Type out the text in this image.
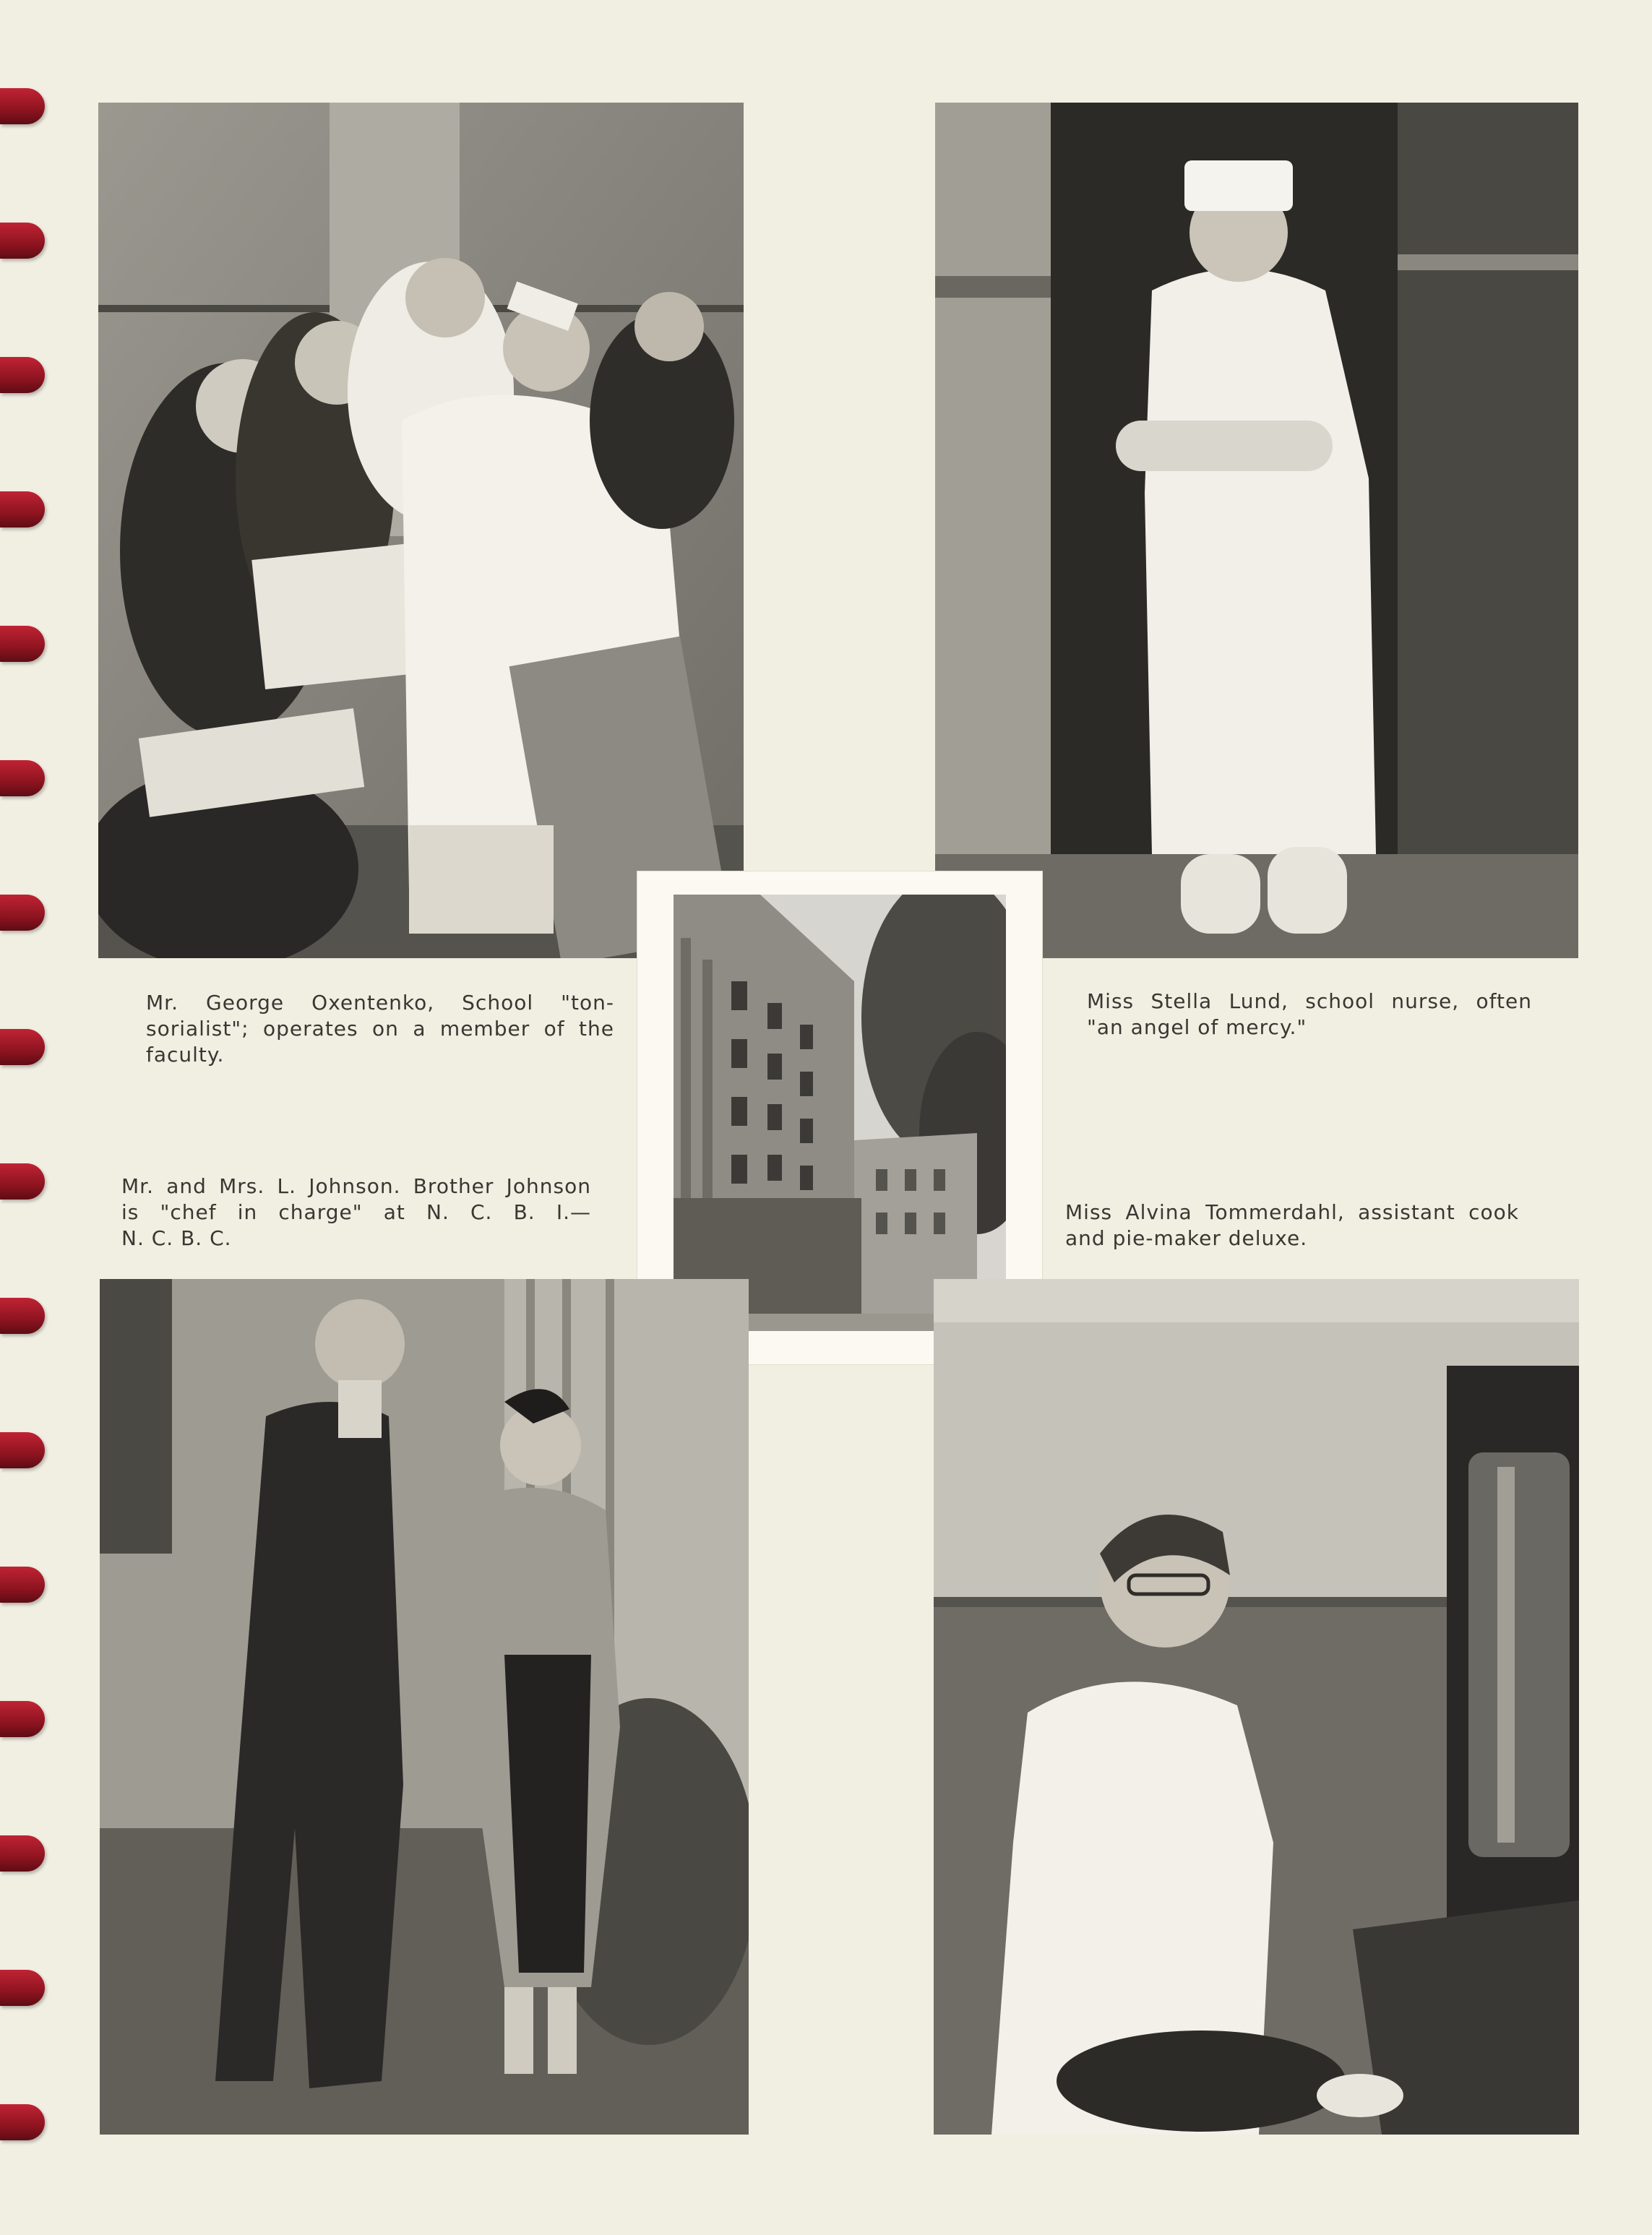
Mr. George Oxentenko, School "ton-
sorialist"; operates on a member of the
faculty.
Miss Stella Lund, school nurse, often
"an angel of mercy."
Mr. and Mrs. L. Johnson. Brother Johnson
is "chef in charge" at N. C. B. I.—
N. C. B. C.
Miss Alvina Tommerdahl, assistant cook
and pie-maker deluxe.
